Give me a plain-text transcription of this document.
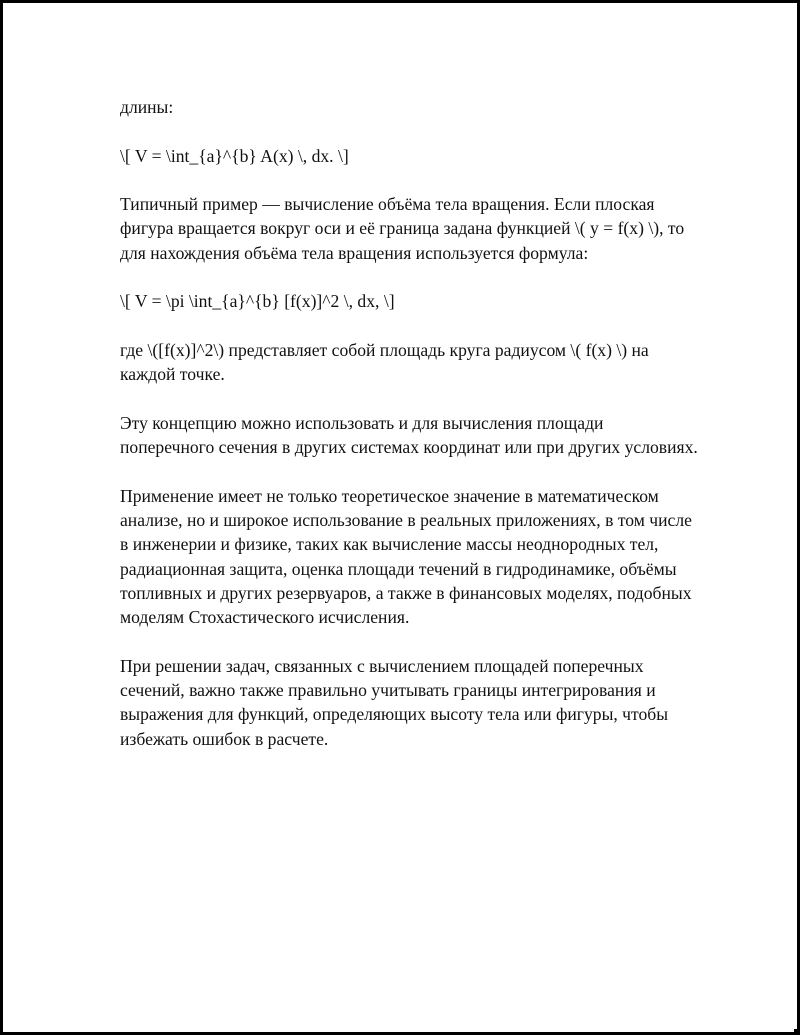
длины:

\[ V = \int_{a}^{b} A(x) \, dx. \]

Типичный пример — вычисление объёма тела вращения. Если плоская фигура вращается вокруг оси и её граница задана функцией \( y = f(x) \), то для нахождения объёма тела вращения используется формула:

\[ V = \pi \int_{a}^{b} [f(x)]^2 \, dx, \]

где \([f(x)]^2\) представляет собой площадь круга радиусом \( f(x) \) на каждой точке.

Эту концепцию можно использовать и для вычисления площади поперечного сечения в других системах координат или при других условиях.

Применение имеет не только теоретическое значение в математическом анализе, но и широкое использование в реальных приложениях, в том числе в инженерии и физике, таких как вычисление массы неоднородных тел, радиационная защита, оценка площади течений в гидродинамике, объёмы топливных и других резервуаров, а также в финансовых моделях, подобных моделям Стохастического исчисления.

При решении задач, связанных с вычислением площадей поперечных сечений, важно также правильно учитывать границы интегрирования и выражения для функций, определяющих высоту тела или фигуры, чтобы избежать ошибок в расчете.
